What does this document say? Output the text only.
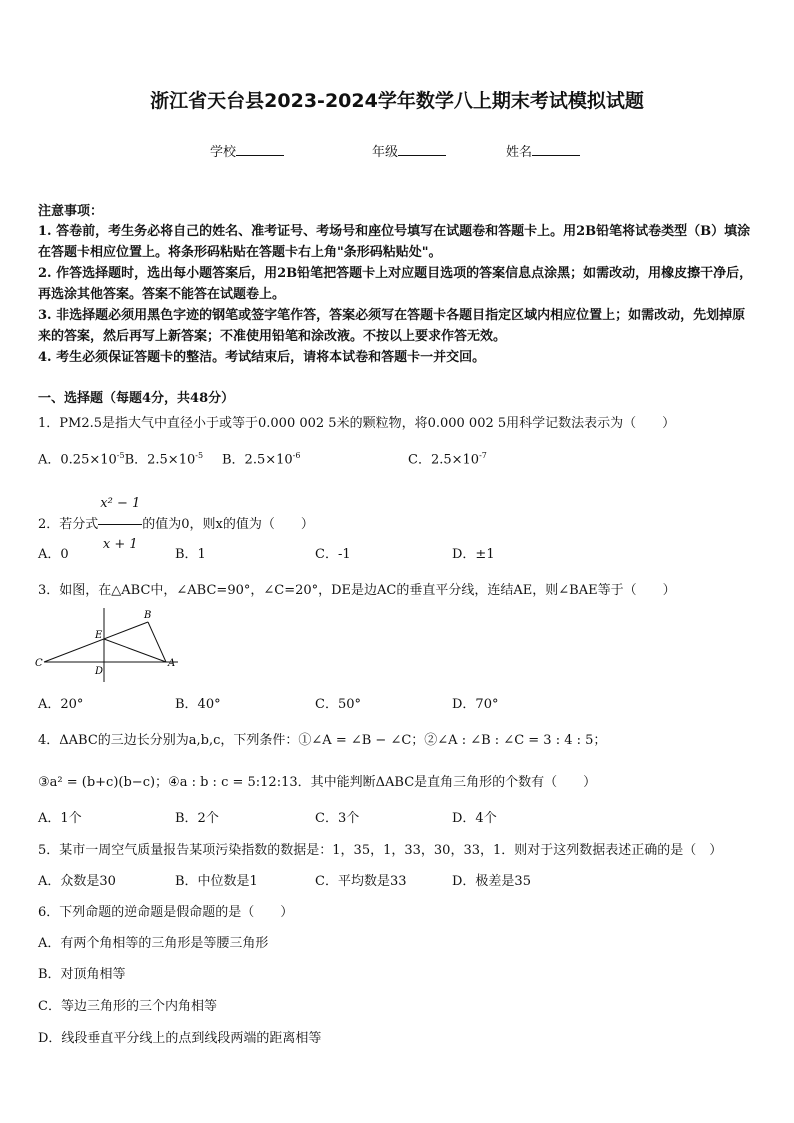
浙江省天台县2023-2024学年数学八上期末考试模拟试题
学校	年级	姓名
注意事项：
1. 答卷前，考生务必将自己的姓名、准考证号、考场号和座位号填写在试题卷和答题卡上。用2B铅笔将试卷类型（B）填涂在答题卡相应位置上。将条形码粘贴在答题卡右上角"条形码粘贴处"。
2. 作答选择题时，选出每小题答案后，用2B铅笔把答题卡上对应题目选项的答案信息点涂黑；如需改动，用橡皮擦干净后，再选涂其他答案。答案不能答在试题卷上。
3. 非选择题必须用黑色字迹的钢笔或签字笔作答，答案必须写在答题卡各题目指定区域内相应位置上；如需改动，先划掉原来的答案，然后再写上新答案；不准使用铅笔和涂改液。不按以上要求作答无效。
4. 考生必须保证答题卡的整洁。考试结束后，请将本试卷和答题卡一并交回。
一、选择题（每题4分，共48分）
1．PM2.5是指大气中直径小于或等于0.000 002 5米的颗粒物，将0.000 002 5用科学记数法表示为（　　）
A．$0.25\times 10^{-5}B$．$2.5\times 10^{-5}$ B．$2.5\times 10^{-6}$	C．$2.5\times 10^{-7}$
2．若分式 $\frac{\text{x² − 1}}{x + 1}$ 的值为0，则x的值为（　　）
A．0	B．1	C．-1	D．±1
3．如图，在△ABC中，∠ABC=90°，∠C=20°，DE是边AC的垂直平分线，连结AE，则∠BAE等于（　　）
C	A
B
E
D
A．20°	B．40°	C．50°	D．70°
4．ΔABC的三边长分别为a,b,c，下列条件：①∠A = ∠B − ∠C；②∠A : ∠B : ∠C = 3 : 4 : 5；
③a² = (b+c)(b−c)；④a : b : c = 5:12:13．其中能判断ΔABC是直角三角形的个数有（　　）
A．1个	B．2个	C．3个	D．4个
5．某市一周空气质量报告某项污染指数的数据是：1，35，1，33，30，33，1．则对于这列数据表述正确的是（　）
A．众数是30	B．中位数是1	C．平均数是33	D．极差是35
6．下列命题的逆命题是假命题的是（　　）
A．有两个角相等的三角形是等腰三角形
B．对顶角相等
C．等边三角形的三个内角相等
D．线段垂直平分线上的点到线段两端的距离相等
